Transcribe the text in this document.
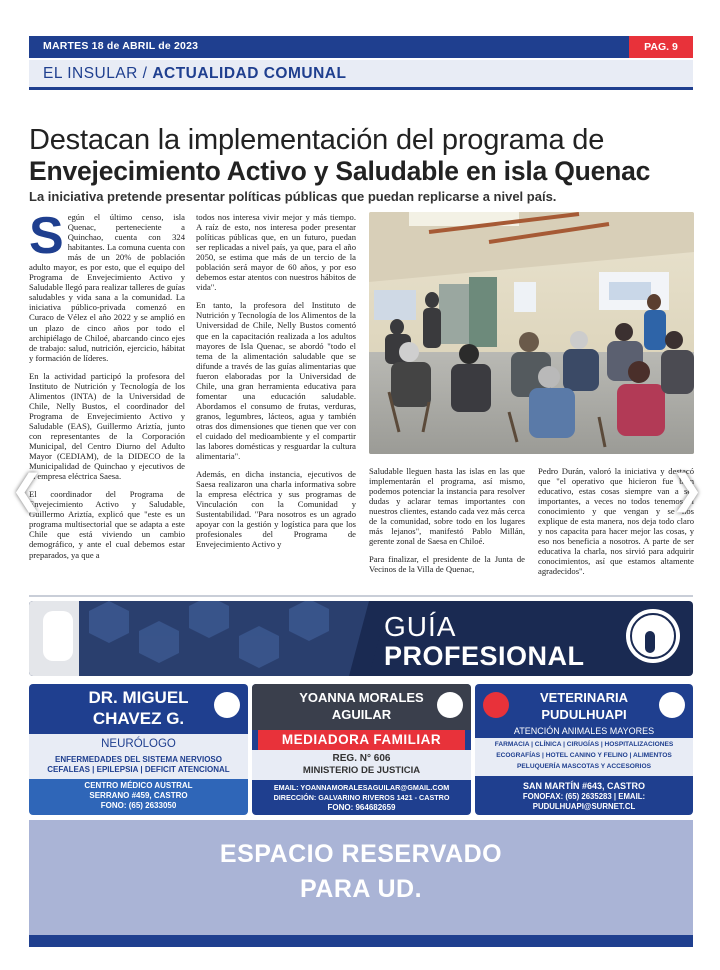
MARTES 18 de ABRIL de 2023	PAG. 9
EL INSULAR / ACTUALIDAD COMUNAL
Destacan la implementación del programa de
Envejecimiento Activo y Saludable en isla Quenac
La iniciativa pretende presentar políticas públicas que puedan replicarse a nivel país.

Según el último censo, isla Quenac, perteneciente a Quinchao, cuenta con 324 habitantes. La comuna cuenta con más de un 20% de población adulto mayor, es por esto, que el equipo del Programa de Envejecimiento Activo y Saludable llegó para realizar talleres de guías saludables y vida sana a la comunidad. La iniciativa público-privada comenzó en Curaco de Vélez el año 2022 y se amplió en un plazo de cinco años por todo el archipiélago de Chiloé, abarcando cinco ejes de trabajo: salud, nutrición, ejercicio, hábitat y formación de líderes.

En la actividad participó la profesora del Instituto de Nutrición y Tecnología de los Alimentos (INTA) de la Universidad de Chile, Nelly Bustos, el coordinador del Programa de Envejecimiento Activo y Saludable (EAS), Guillermo Ariztía, junto con representantes de la Corporación Municipal, del Centro Diurno del Adulto Mayor (CEDIAM), de la DIDECO de la Municipalidad de Quinchao y ejecutivos de la empresa eléctrica Saesa.

El coordinador del Programa de Envejecimiento Activo y Saludable, Guillermo Ariztía, explicó que "este es un programa multisectorial que se adapta a este Chile que está viviendo un cambio demográfico, y ante el cual debemos estar preparados, ya que a

todos nos interesa vivir mejor y más tiempo. A raíz de esto, nos interesa poder presentar políticas públicas que, en un futuro, puedan ser replicadas a nivel país, ya que, para el año 2050, se estima que más de un tercio de la población será mayor de 60 años, y por eso debemos estar atentos con nuestros hábitos de vida".

En tanto, la profesora del Instituto de Nutrición y Tecnología de los Alimentos de la Universidad de Chile, Nelly Bustos comentó que en la capacitación realizada a los adultos mayores de Isla Quenac, se abordó "todo el tema de la alimentación saludable que se difunde a través de las guías alimentarias que fueron elaboradas por la Universidad de Chile, una gran herramienta educativa para fomentar una educación saludable. Abordamos el consumo de frutas, verduras, granos, legumbres, lácteos, agua y también otras dos dimensiones que tienen que ver con el cuidado del medioambiente y el compartir las labores domésticas y resguardar la cultura alimentaria".

Además, en dicha instancia, ejecutivos de Saesa realizaron una charla informativa sobre la empresa eléctrica y sus programas de Vinculación con la Comunidad y Sustentabilidad. "Para nosotros es un agrado apoyar con la gestión y logística para que los profesionales del Programa de Envejecimiento Activo y

Saludable lleguen hasta las islas en las que implementarán el programa, así mismo, podemos potenciar la instancia para resolver dudas y aclarar temas importantes con nuestros clientes, estando cada vez más cerca de la comunidad, sobre todo en los lugares más lejanos", manifestó Pablo Millán, gerente zonal de Saesa en Chiloé.

Para finalizar, el presidente de la Junta de Vecinos de la Villa de Quenac,

Pedro Durán, valoró la iniciativa y destacó que "el operativo que hicieron fue bien educativo, estas cosas siempre van a ser importantes, a veces no todos tenemos el conocimiento y que vengan y se nos explique de esta manera, nos deja todo claro y nos capacita para hacer mejor las cosas, y eso nos beneficia a nosotros. A parte de ser educativa la charla, nos sirvió para adquirir conocimientos, así que estamos altamente agradecidos".

❮	❯
GUÍA
PROFESIONAL
DR. MIGUEL
CHAVEZ G.
NEURÓLOGO
ENFERMEDADES DEL SISTEMA NERVIOSO
CEFALEAS | EPILEPSIA | DEFICIT ATENCIONAL
CENTRO MÉDICO AUSTRAL
SERRANO #459, CASTRO
FONO: (65) 2633050
YOANNA MORALES
AGUILAR
MEDIADORA FAMILIAR
REG. N° 606
MINISTERIO DE JUSTICIA
EMAIL: YOANNAMORALESAGUILAR@GMAIL.COM
DIRECCIÓN: GALVARINO RIVEROS 1421 - CASTRO
FONO: 964682659
VETERINARIA
PUDULHUAPI
ATENCIÓN ANIMALES MAYORES
FARMACIA | CLÍNICA | CIRUGÍAS | HOSPITALIZACIONES
ECOGRAFÍAS | HOTEL CANINO Y FELINO | ALIMENTOS
PELUQUERÍA MASCOTAS Y ACCESORIOS
SAN MARTÍN #643, CASTRO
FONOFAX: (65) 2635283 | EMAIL:
PUDULHUAPI@SURNET.CL
ESPACIO RESERVADO
PARA UD.
